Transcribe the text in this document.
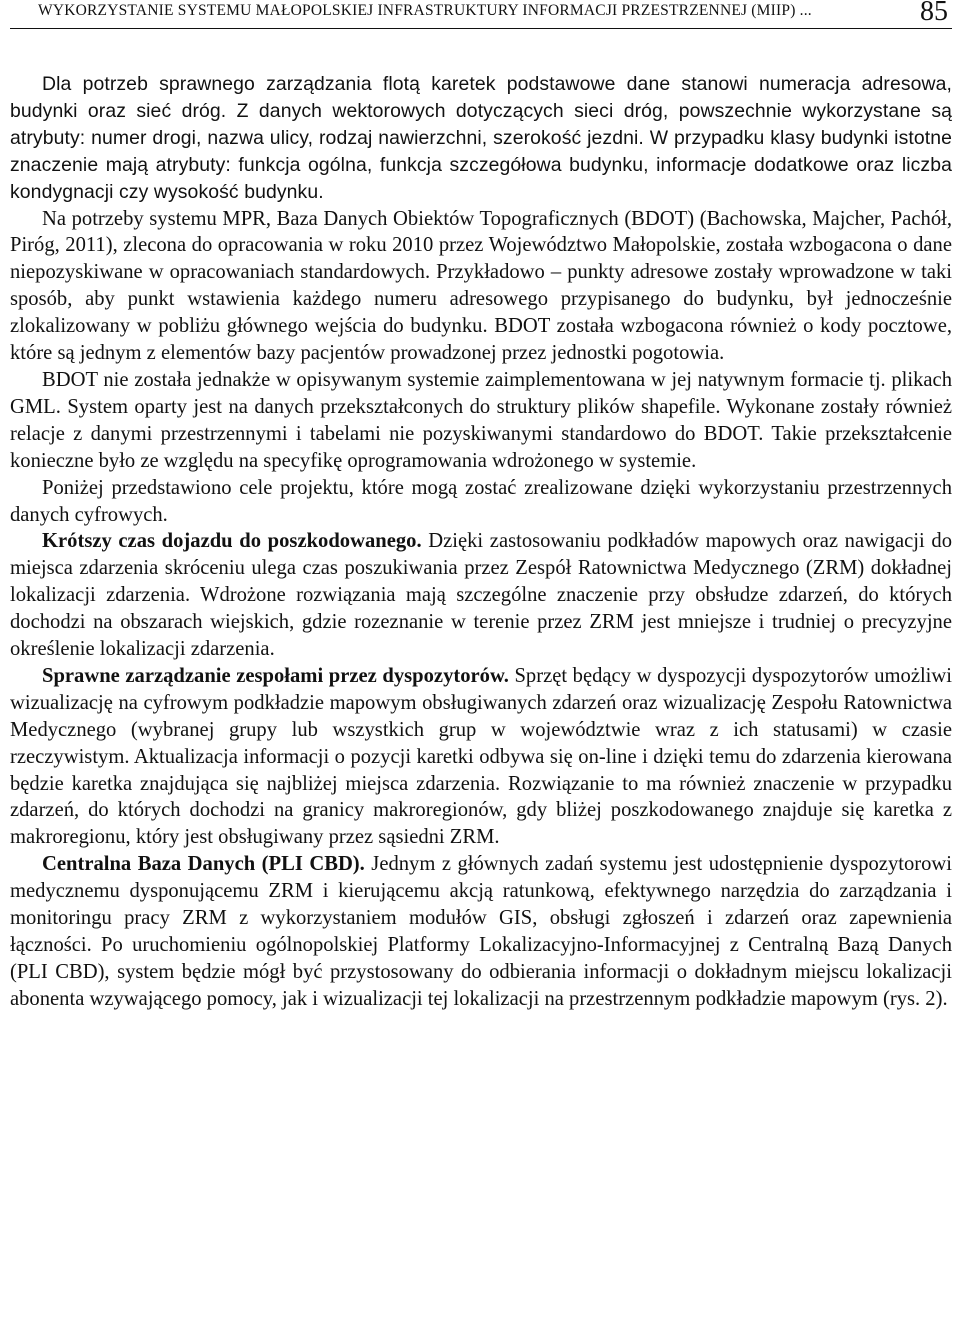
WYKORZYSTANIE SYSTEMU MAŁOPOLSKIEJ INFRASTRUKTURY INFORMACJI PRZESTRZENNEJ (MIIP) ...	85

Dla potrzeb sprawnego zarządzania flotą karetek podstawowe dane stanowi numeracja adresowa, budynki oraz sieć dróg. Z danych wektorowych dotyczących sieci dróg, powszechnie wykorzystane są atrybuty: numer drogi, nazwa ulicy, rodzaj nawierzchni, szerokość jezdni. W przypadku klasy budynki istotne znaczenie mają atrybuty: funkcja ogólna, funkcja szczegółowa budynku, informacje dodatkowe oraz liczba kondygnacji czy wysokość budynku.

Na potrzeby systemu MPR, Baza Danych Obiektów Topograficznych (BDOT) (Bachowska, Majcher, Pachół, Piróg, 2011), zlecona do opracowania w roku 2010 przez Województwo Małopolskie, została wzbogacona o dane niepozyskiwane w opracowaniach standardowych. Przykładowo – punkty adresowe zostały wprowadzone w taki sposób, aby punkt wstawienia każdego numeru adresowego przypisanego do budynku, był jednocześnie zlokalizowany w pobliżu głównego wejścia do budynku. BDOT została wzbogacona również o kody pocztowe, które są jednym z elementów bazy pacjentów prowadzonej przez jednostki pogotowia.

BDOT nie została jednakże w opisywanym systemie zaimplementowana w jej natywnym formacie tj. plikach GML. System oparty jest na danych przekształconych do struktury plików shapefile. Wykonane zostały również relacje z danymi przestrzennymi i tabelami nie pozyskiwanymi standardowo do BDOT. Takie przekształcenie konieczne było ze względu na specyfikę oprogramowania wdrożonego w systemie.

Poniżej przedstawiono cele projektu, które mogą zostać zrealizowane dzięki wykorzystaniu przestrzennych danych cyfrowych.

Krótszy czas dojazdu do poszkodowanego. Dzięki zastosowaniu podkładów mapowych oraz nawigacji do miejsca zdarzenia skróceniu ulega czas poszukiwania przez Zespół Ratownictwa Medycznego (ZRM) dokładnej lokalizacji zdarzenia. Wdrożone rozwiązania mają szczególne znaczenie przy obsłudze zdarzeń, do których dochodzi na obszarach wiejskich, gdzie rozeznanie w terenie przez ZRM jest mniejsze i trudniej o precyzyjne określenie lokalizacji zdarzenia.

Sprawne zarządzanie zespołami przez dyspozytorów. Sprzęt będący w dyspozycji dyspozytorów umożliwi wizualizację na cyfrowym podkładzie mapowym obsługiwanych zdarzeń oraz wizualizację Zespołu Ratownictwa Medycznego (wybranej grupy lub wszystkich grup w województwie wraz z ich statusami) w czasie rzeczywistym. Aktualizacja informacji o pozycji karetki odbywa się on-line i dzięki temu do zdarzenia kierowana będzie karetka znajdująca się najbliżej miejsca zdarzenia. Rozwiązanie to ma również znaczenie w przypadku zdarzeń, do których dochodzi na granicy makroregionów, gdy bliżej poszkodowanego znajduje się karetka z makroregionu, który jest obsługiwany przez sąsiedni ZRM.

Centralna Baza Danych (PLI CBD). Jednym z głównych zadań systemu jest udostępnienie dyspozytorowi medycznemu dysponującemu ZRM i kierującemu akcją ratunkową, efektywnego narzędzia do zarządzania i monitoringu pracy ZRM z wykorzystaniem modułów GIS, obsługi zgłoszeń i zdarzeń oraz zapewnienia łączności. Po uruchomieniu ogólnopolskiej Platformy Lokalizacyjno-Informacyjnej z Centralną Bazą Danych (PLI CBD), system będzie mógł być przystosowany do odbierania informacji o dokładnym miejscu lokalizacji abonenta wzywającego pomocy, jak i wizualizacji tej lokalizacji na przestrzennym podkładzie mapowym (rys. 2).
